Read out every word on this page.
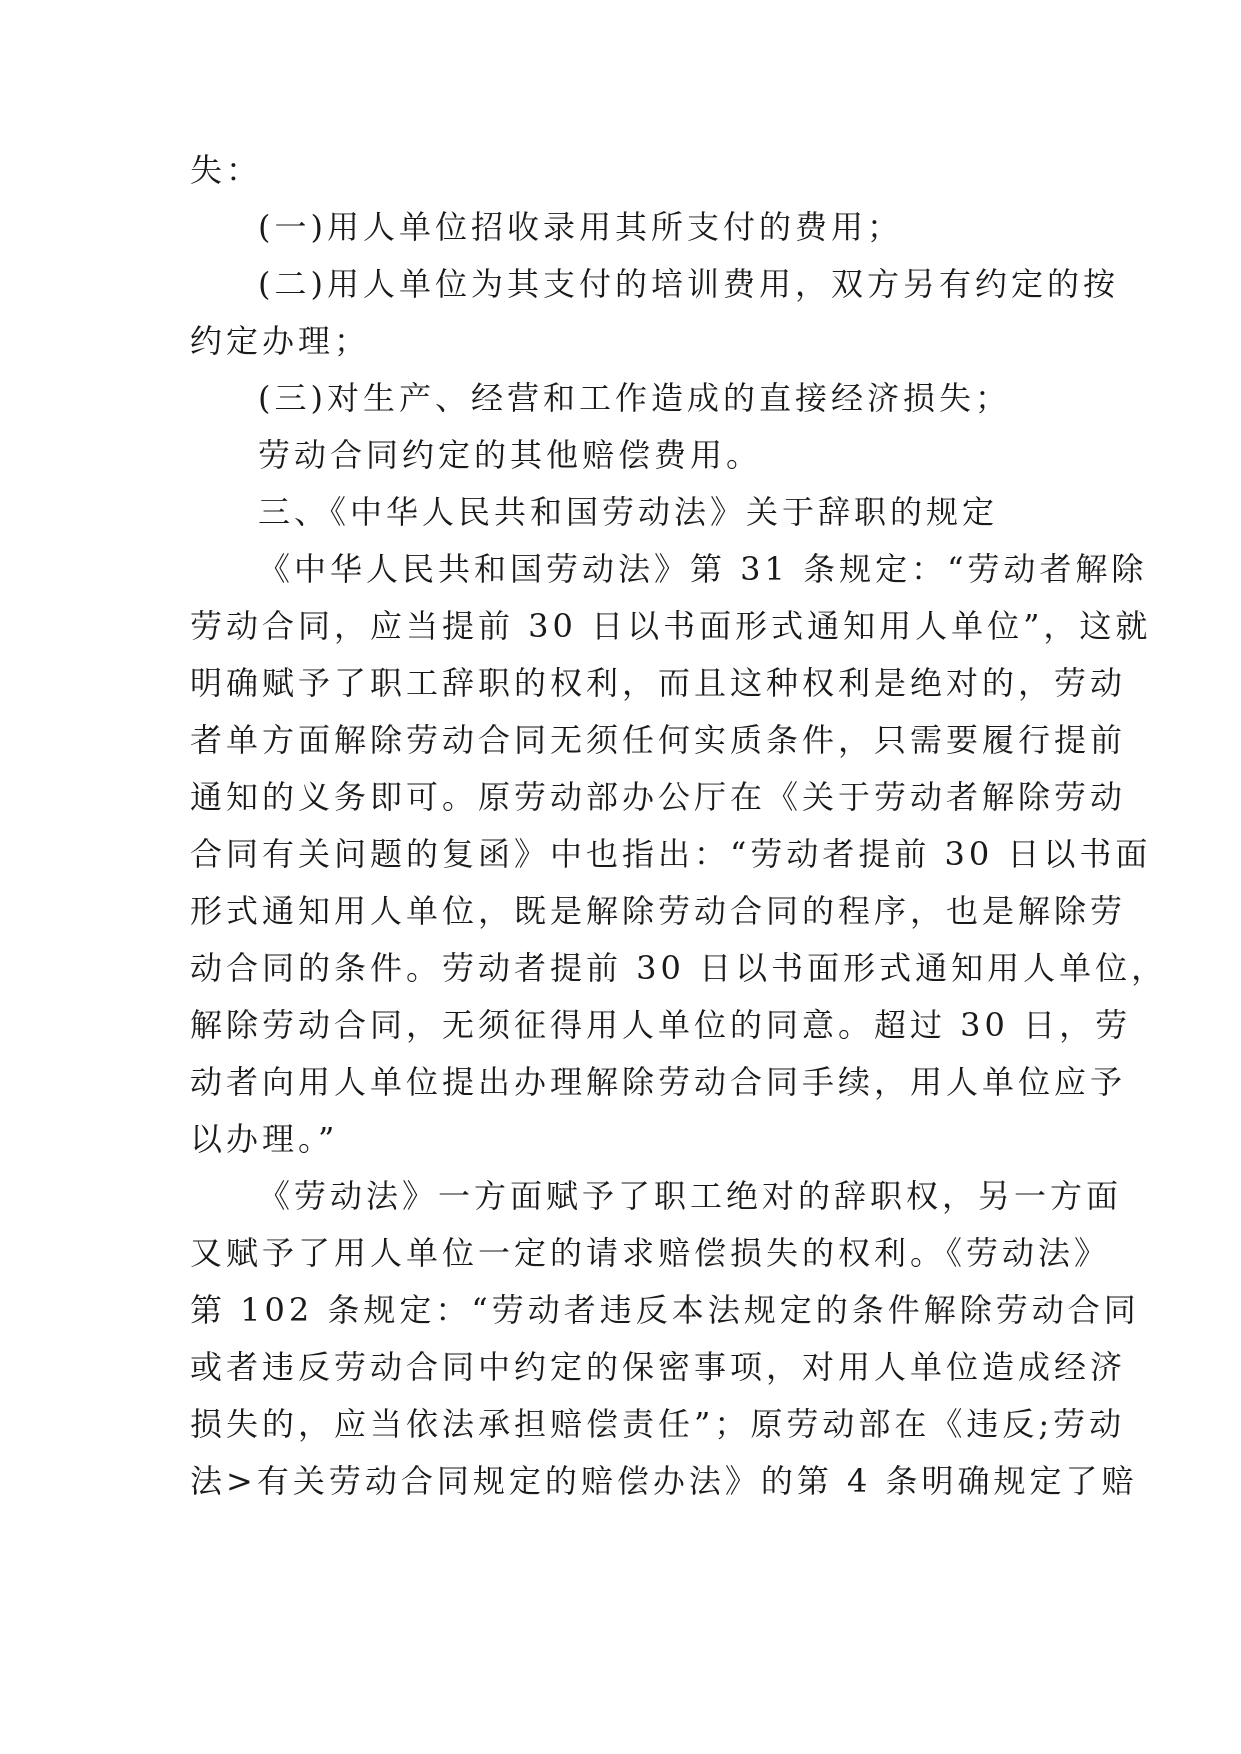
失：
(一)用人单位招收录用其所支付的费用；
(二)用人单位为其支付的培训费用，双方另有约定的按
约定办理；
(三)对生产、经营和工作造成的直接经济损失；
劳动合同约定的其他赔偿费用。
三、《中华人民共和国劳动法》关于辞职的规定
《中华人民共和国劳动法》第 31 条规定：“劳动者解除
劳动合同，应当提前 30 日以书面形式通知用人单位”，这就
明确赋予了职工辞职的权利，而且这种权利是绝对的，劳动
者单方面解除劳动合同无须任何实质条件，只需要履行提前
通知的义务即可。原劳动部办公厅在《关于劳动者解除劳动
合同有关问题的复函》中也指出：“劳动者提前 30 日以书面
形式通知用人单位，既是解除劳动合同的程序，也是解除劳
动合同的条件。劳动者提前 30 日以书面形式通知用人单位，
解除劳动合同，无须征得用人单位的同意。超过 30 日，劳
动者向用人单位提出办理解除劳动合同手续，用人单位应予
以办理。”
《劳动法》一方面赋予了职工绝对的辞职权，另一方面
又赋予了用人单位一定的请求赔偿损失的权利。《劳动法》
第 102 条规定：“劳动者违反本法规定的条件解除劳动合同
或者违反劳动合同中约定的保密事项，对用人单位造成经济
损失的，应当依法承担赔偿责任”；原劳动部在《违反;劳动
法>有关劳动合同规定的赔偿办法》的第 4 条明确规定了赔
